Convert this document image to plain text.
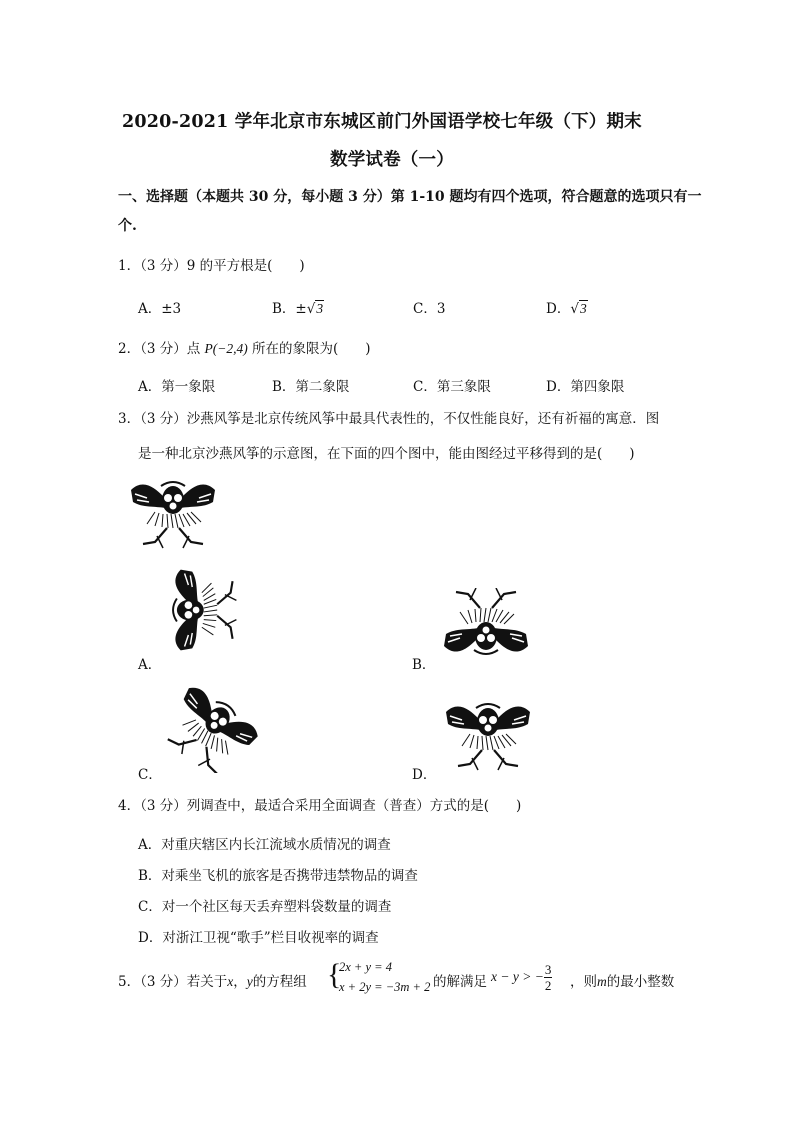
2020-2021 学年北京市东城区前门外国语学校七年级（下）期末
数学试卷（一）
一、选择题（本题共 30 分，每小题 3 分）第 1-10 题均有四个选项，符合题意的选项只有一
个.
1．（3 分）9 的平方根是(　　)
A．±3	B．±√3	C．3	D．√3
2．（3 分）点 P(−2,4) 所在的象限为(　　)
A．第一象限	B．第二象限	C．第三象限	D．第四象限
3．（3 分）沙燕风筝是北京传统风筝中最具代表性的，不仅性能良好，还有祈福的寓意．图
是一种北京沙燕风筝的示意图，在下面的四个图中，能由图经过平移得到的是(　　)
A．	B．
C．	D．
4．（3 分）列调查中，最适合采用全面调查（普查）方式的是(　　)
A．对重庆辖区内长江流域水质情况的调查
B．对乘坐飞机的旅客是否携带违禁物品的调查
C．对一个社区每天丢弃塑料袋数量的调查
D．对浙江卫视“歌手”栏目收视率的调查
5．（3 分）若关于x，y的方程组 {
2x + y = 4
x + 2y = −3m + 2 的解满足 x − y > − $\frac{3}{2}$ ，则m的最小整数
